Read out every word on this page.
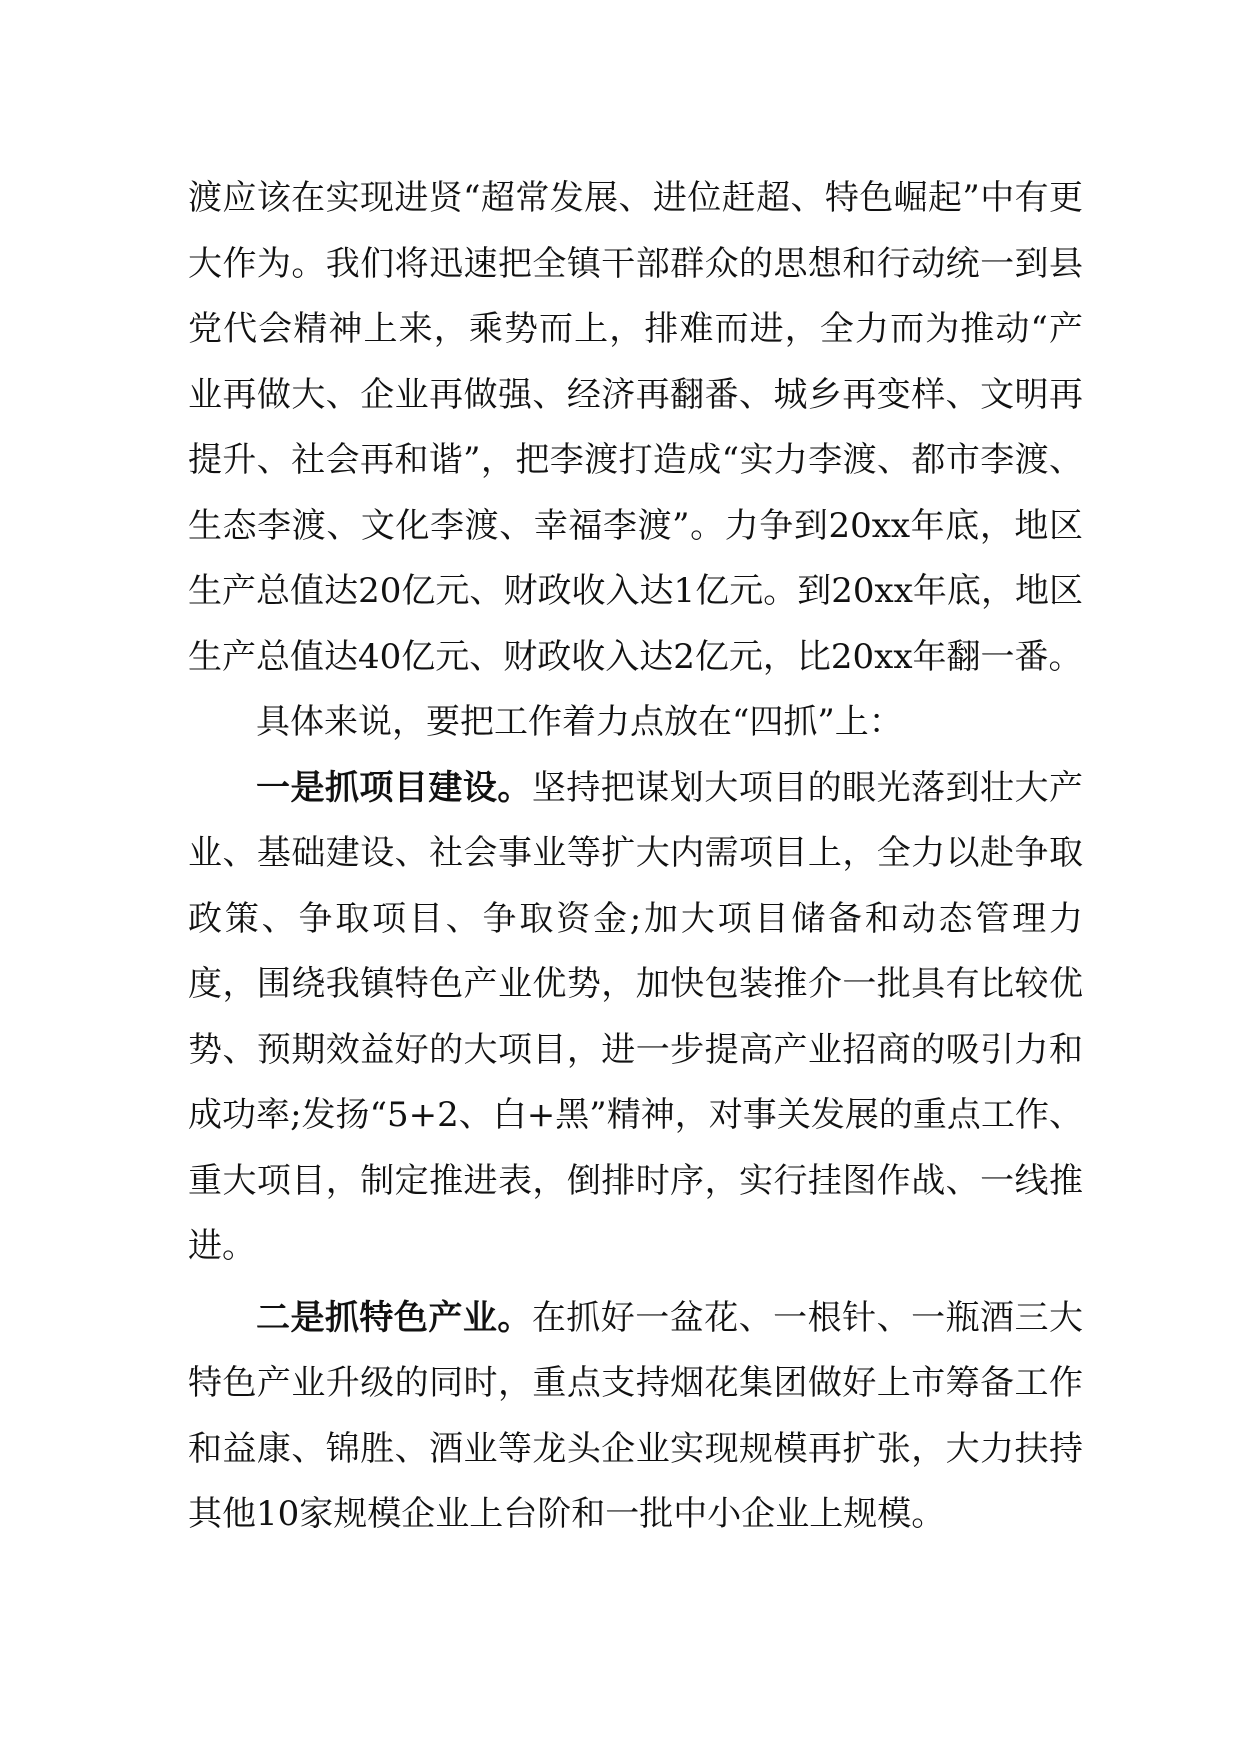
渡应该在实现进贤“超常发展、进位赶超、特色崛起”中有更大作为。我们将迅速把全镇干部群众的思想和行动统一到县党代会精神上来，乘势而上，排难而进，全力而为推动“产业再做大、企业再做强、经济再翻番、城乡再变样、文明再提升、社会再和谐”，把李渡打造成“实力李渡、都市李渡、生态李渡、文化李渡、幸福李渡”。力争到20xx年底，地区生产总值达20亿元、财政收入达1亿元。到20xx年底，地区生产总值达40亿元、财政收入达2亿元，比20xx年翻一番。

具体来说，要把工作着力点放在“四抓”上：

一是抓项目建设。坚持把谋划大项目的眼光落到壮大产业、基础建设、社会事业等扩大内需项目上，全力以赴争取政策、争取项目、争取资金;加大项目储备和动态管理力度，围绕我镇特色产业优势，加快包装推介一批具有比较优势、预期效益好的大项目，进一步提高产业招商的吸引力和成功率;发扬“5+2、白+黑”精神，对事关发展的重点工作、重大项目，制定推进表，倒排时序，实行挂图作战、一线推进。

二是抓特色产业。在抓好一盆花、一根针、一瓶酒三大特色产业升级的同时，重点支持烟花集团做好上市筹备工作和益康、锦胜、酒业等龙头企业实现规模再扩张，大力扶持其他10家规模企业上台阶和一批中小企业上规模。
